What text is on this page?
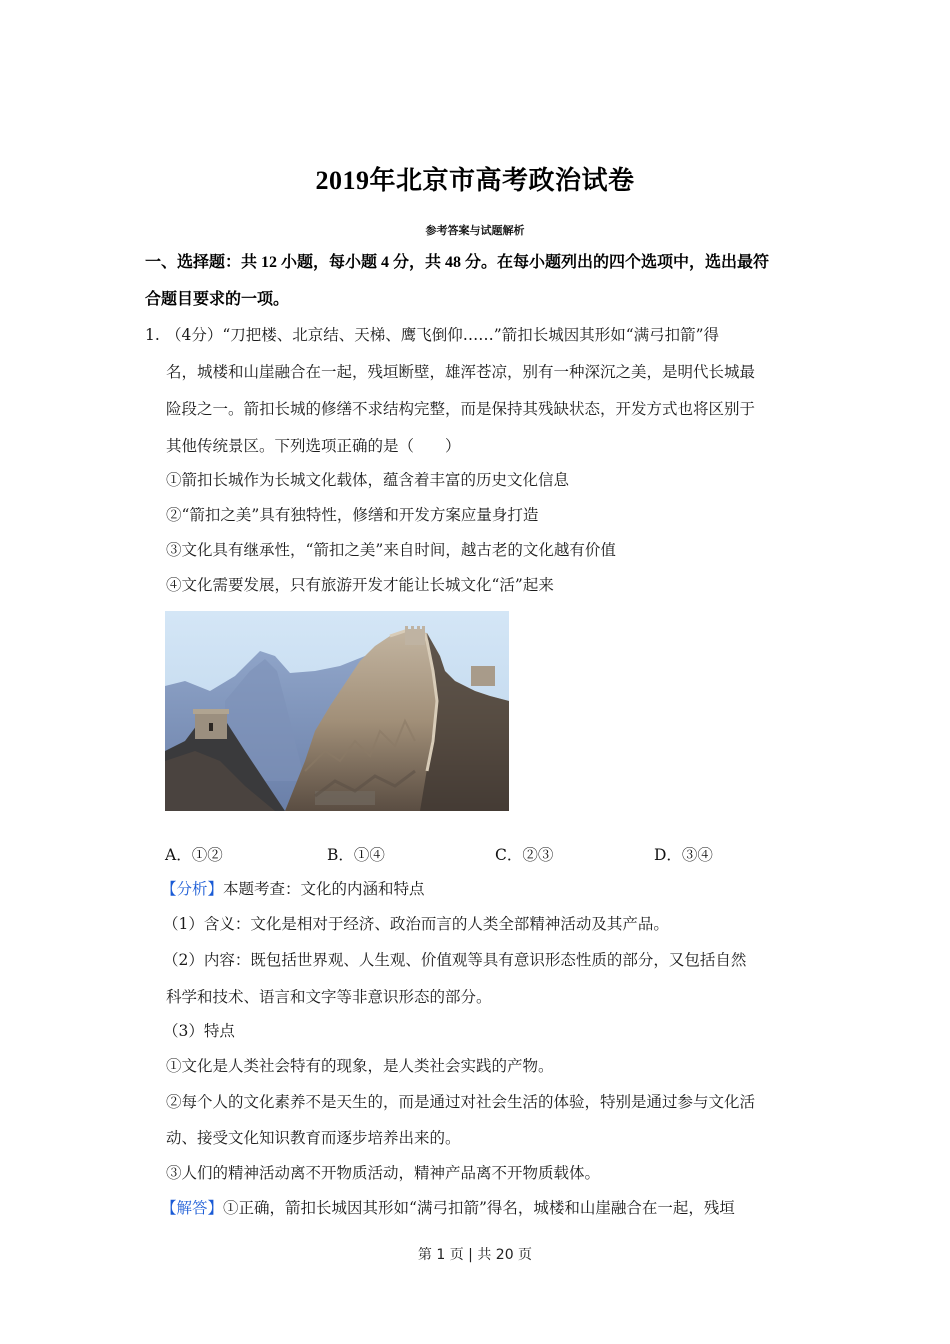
2019年北京市高考政治试卷
参考答案与试题解析
一、选择题：共 12 小题，每小题 4 分，共 48 分。在每小题列出的四个选项中，选出最符
合题目要求的一项。
1. （4分）“刀把楼、北京结、天梯、鹰飞倒仰……”箭扣长城因其形如“满弓扣箭”得
名，城楼和山崖融合在一起，残垣断壁，雄浑苍凉，别有一种深沉之美，是明代长城最
险段之一。箭扣长城的修缮不求结构完整，而是保持其残缺状态，开发方式也将区别于
其他传统景区。下列选项正确的是（　　）
①箭扣长城作为长城文化载体，蕴含着丰富的历史文化信息
②“箭扣之美”具有独特性，修缮和开发方案应量身打造
③文化具有继承性，“箭扣之美”来自时间，越古老的文化越有价值
④文化需要发展，只有旅游开发才能让长城文化“活”起来
A．①②	B．①④	C．②③	D．③④
【分析】本题考查：文化的内涵和特点
（1）含义：文化是相对于经济、政治而言的人类全部精神活动及其产品。
（2）内容：既包括世界观、人生观、价值观等具有意识形态性质的部分，又包括自然
科学和技术、语言和文字等非意识形态的部分。
（3）特点
①文化是人类社会特有的现象，是人类社会实践的产物。
②每个人的文化素养不是天生的，而是通过对社会生活的体验，特别是通过参与文化活
动、接受文化知识教育而逐步培养出来的。
③人们的精神活动离不开物质活动，精神产品离不开物质载体。
【解答】①正确，箭扣长城因其形如“满弓扣箭”得名，城楼和山崖融合在一起，残垣
第 1 页 | 共 20 页
